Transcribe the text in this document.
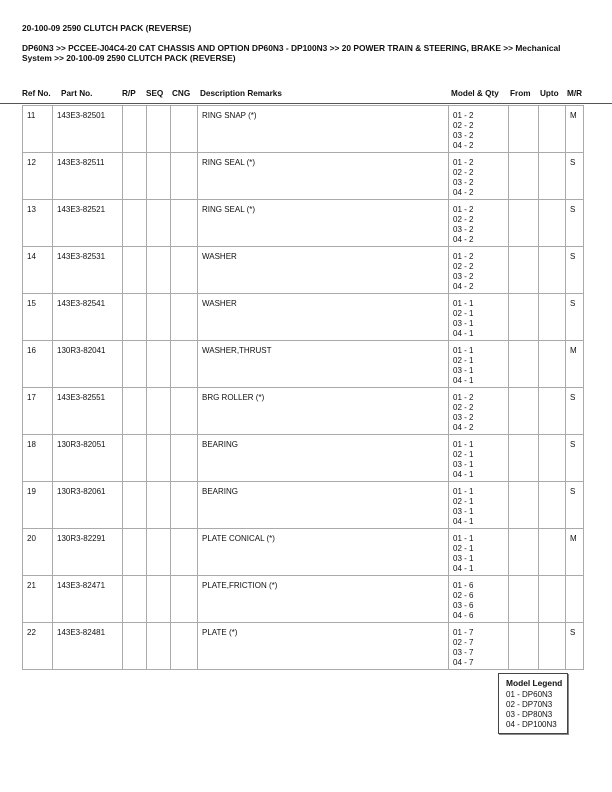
20-100-09 2590 CLUTCH PACK (REVERSE)
DP60N3 >> PCCEE-J04C4-20 CAT CHASSIS AND OPTION DP60N3 - DP100N3 >> 20 POWER TRAIN & STEERING, BRAKE >> Mechanical System >> 20-100-09 2590 CLUTCH PACK (REVERSE)
Ref No. Part No.	R/P SEQ CNG Description Remarks	Model & Qty From Upto M/R
11	143E3-82501				RING SNAP (*)	01 - 2
02 - 2
03 - 2
04 - 2			M
12	143E3-82511				RING SEAL (*)	01 - 2
02 - 2
03 - 2
04 - 2			S
13	143E3-82521				RING SEAL (*)	01 - 2
02 - 2
03 - 2
04 - 2			S
14	143E3-82531				WASHER	01 - 2
02 - 2
03 - 2
04 - 2			S
15	143E3-82541				WASHER	01 - 1
02 - 1
03 - 1
04 - 1			S
16	130R3-82041				WASHER,THRUST	01 - 1
02 - 1
03 - 1
04 - 1			M
17	143E3-82551				BRG ROLLER (*)	01 - 2
02 - 2
03 - 2
04 - 2			S
18	130R3-82051				BEARING	01 - 1
02 - 1
03 - 1
04 - 1			S
19	130R3-82061				BEARING	01 - 1
02 - 1
03 - 1
04 - 1			S
20	130R3-82291				PLATE CONICAL (*)	01 - 1
02 - 1
03 - 1
04 - 1			M
21	143E3-82471				PLATE,FRICTION (*)	01 - 6
02 - 6
03 - 6
04 - 6			

22	143E3-82481				PLATE (*)	01 - 7
02 - 7
03 - 7
04 - 7			S
Model Legend
01 - DP60N3
02 - DP70N3
03 - DP80N3
04 - DP100N3
